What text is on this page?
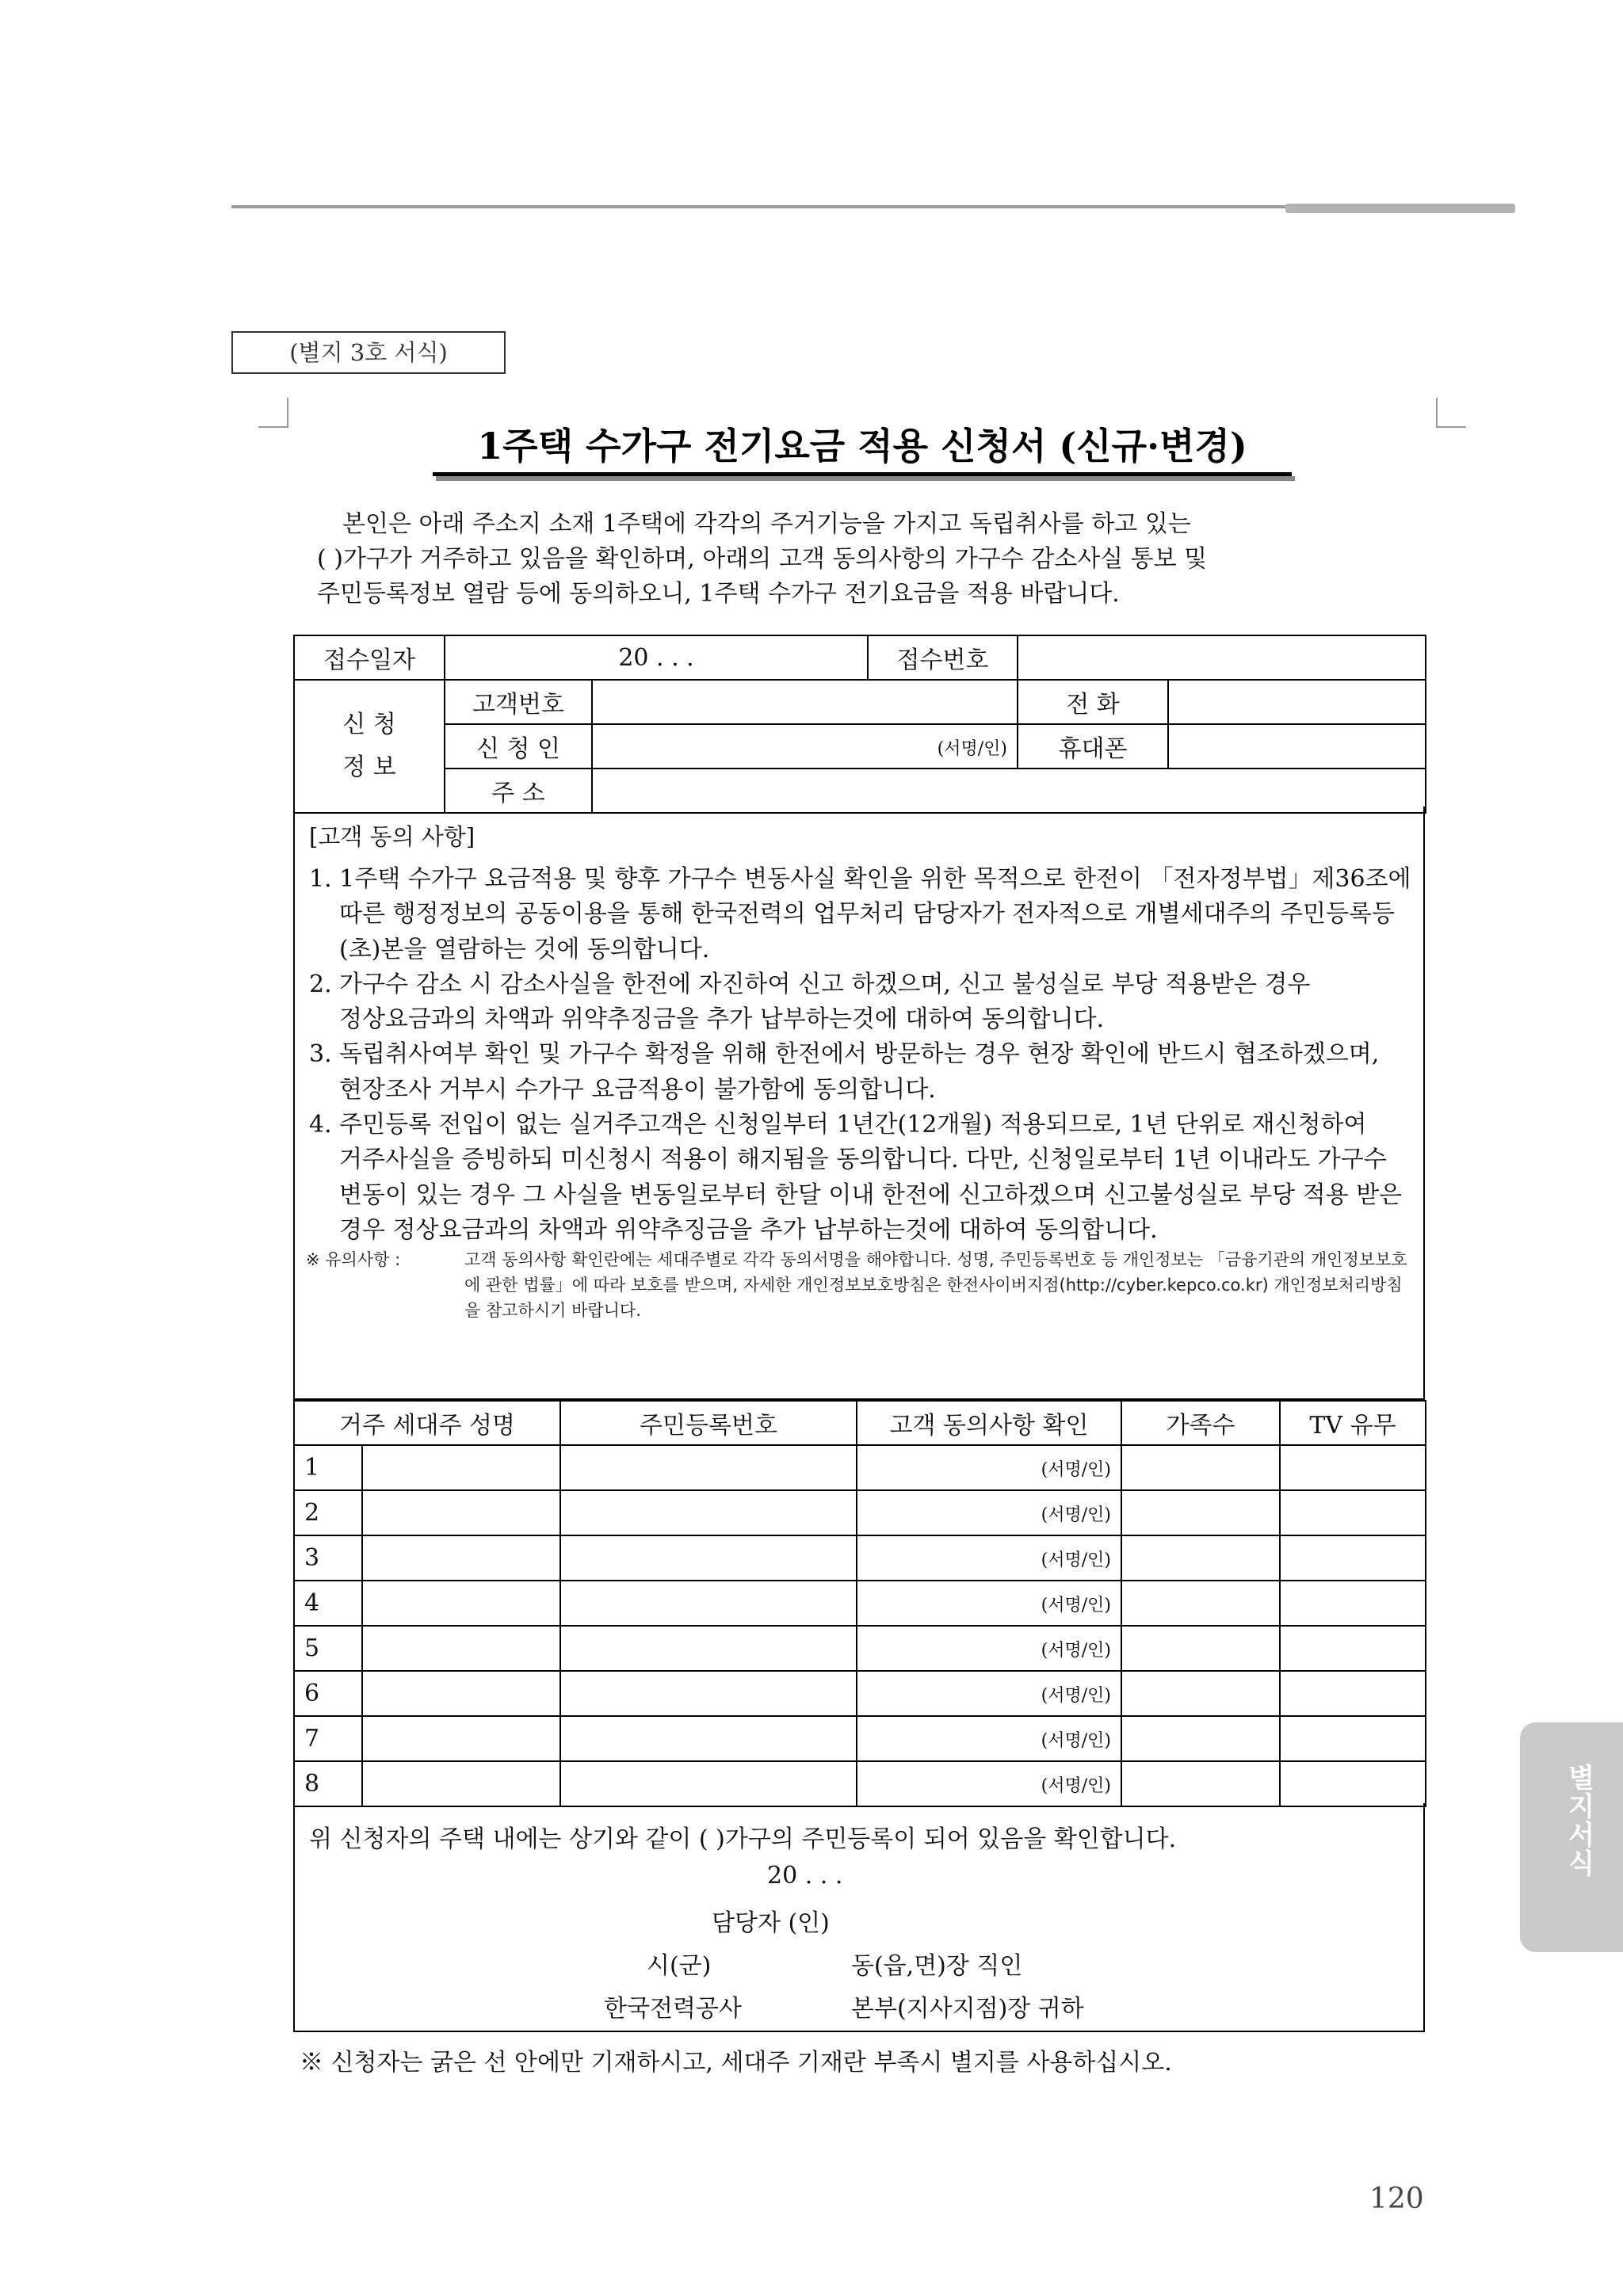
(별지 3호 서식)
1주택 수가구 전기요금 적용 신청서 (신규·변경)

본인은 아래 주소지 소재 1주택에 각각의 주거기능을 가지고 독립취사를 하고 있는

( )가구가 거주하고 있음을 확인하며, 아래의 고객 동의사항의 가구수 감소사실 통보 및

주민등록정보 열람 등에 동의하오니, 1주택 수가구 전기요금을 적용 바랍니다.

접수일자	20 . . .		접수번호		

신 청
정 보	고객번호			전 화	
	신 청 인	(서명/인)		휴대폰	
	주 소				
[고객 동의 사항]
1. 1주택 수가구 요금적용 및 향후 가구수 변동사실 확인을 위한 목적으로 한전이 「전자정부법」제36조에 따른 행정정보의 공동이용을 통해 한국전력의 업무처리 담당자가 전자적으로 개별세대주의 주민등록등(초)본을 열람하는 것에 동의합니다.
2. 가구수 감소 시 감소사실을 한전에 자진하여 신고 하겠으며, 신고 불성실로 부당 적용받은 경우 정상요금과의 차액과 위약추징금을 추가 납부하는것에 대하여 동의합니다.
3. 독립취사여부 확인 및 가구수 확정을 위해 한전에서 방문하는 경우 현장 확인에 반드시 협조하겠으며, 현장조사 거부시 수가구 요금적용이 불가함에 동의합니다.
4. 주민등록 전입이 없는 실거주고객은 신청일부터 1년간(12개월) 적용되므로, 1년 단위로 재신청하여 거주사실을 증빙하되 미신청시 적용이 해지됨을 동의합니다. 다만, 신청일로부터 1년 이내라도 가구수 변동이 있는 경우 그 사실을 변동일로부터 한달 이내 한전에 신고하겠으며 신고불성실로 부당 적용 받은 경우 정상요금과의 차액과 위약추징금을 추가 납부하는것에 대하여 동의합니다.
※ 유의사항 :	고객 동의사항 확인란에는 세대주별로 각각 동의서명을 해야합니다. 성명, 주민등록번호 등 개인정보는 「금융기관의 개인정보보호에 관한 법률」에 따라 보호를 받으며, 자세한 개인정보보호방침은 한전사이버지점(http://cyber.kepco.co.kr) 개인정보처리방침을 참고하시기 바랍니다.
거주 세대주 성명		주민등록번호	고객 동의사항 확인	가족수	TV 유무
1			(서명/인)		
2			(서명/인)		
3			(서명/인)		
4			(서명/인)		
5			(서명/인)		
6			(서명/인)		
7			(서명/인)		
8			(서명/인)		
위 신청자의 주택 내에는 상기와 같이 ( )가구의 주민등록이 되어 있음을 확인합니다.
20 . . .
담당자 (인)
시(군)	동(읍,면)장 직인
한국전력공사	본부(지사지점)장 귀하
※ 신청자는 굵은 선 안에만 기재하시고, 세대주 기재란 부족시 별지를 사용하십시오.
별지서식
120
